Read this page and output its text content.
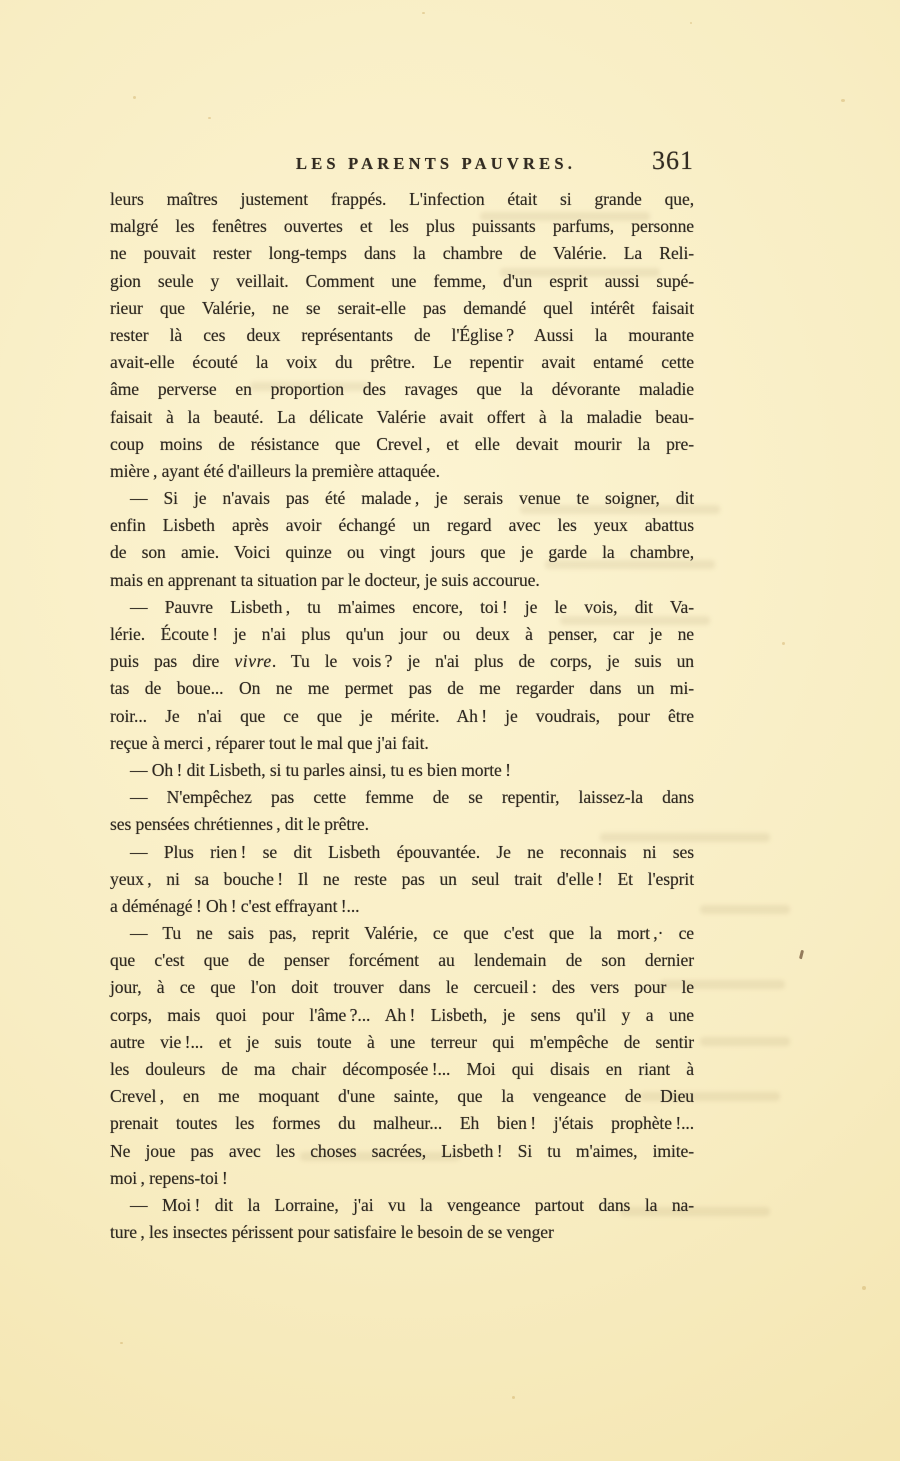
LES PARENTS PAUVRES.	361
leurs maîtres justement frappés. L'infection était si grande que,
malgré les fenêtres ouvertes et les plus puissants parfums, personne
ne pouvait rester long-temps dans la chambre de Valérie. La Reli-
gion seule y veillait. Comment une femme, d'un esprit aussi supé-
rieur que Valérie, ne se serait-elle pas demandé quel intérêt faisait
rester là ces deux représentants de l'Église ? Aussi la mourante
avait-elle écouté la voix du prêtre. Le repentir avait entamé cette
âme perverse en proportion des ravages que la dévorante maladie
faisait à la beauté. La délicate Valérie avait offert à la maladie beau-
coup moins de résistance que Crevel , et elle devait mourir la pre-
mière , ayant été d'ailleurs la première attaquée.
— Si je n'avais pas été malade , je serais venue te soigner, dit
enfin Lisbeth après avoir échangé un regard avec les yeux abattus
de son amie. Voici quinze ou vingt jours que je garde la chambre,
mais en apprenant ta situation par le docteur, je suis accourue.
— Pauvre Lisbeth , tu m'aimes encore, toi ! je le vois, dit Va-
lérie. Écoute ! je n'ai plus qu'un jour ou deux à penser, car je ne
puis pas dire vivre. Tu le vois ? je n'ai plus de corps, je suis un
tas de boue... On ne me permet pas de me regarder dans un mi-
roir... Je n'ai que ce que je mérite. Ah ! je voudrais, pour être
reçue à merci , réparer tout le mal que j'ai fait.
— Oh ! dit Lisbeth, si tu parles ainsi, tu es bien morte !
— N'empêchez pas cette femme de se repentir, laissez-la dans
ses pensées chrétiennes , dit le prêtre.
— Plus rien ! se dit Lisbeth épouvantée. Je ne reconnais ni ses
yeux , ni sa bouche ! Il ne reste pas un seul trait d'elle ! Et l'esprit
a déménagé ! Oh ! c'est effrayant !...
— Tu ne sais pas, reprit Valérie, ce que c'est que la mort ,· ce
que c'est que de penser forcément au lendemain de son dernier
jour, à ce que l'on doit trouver dans le cercueil : des vers pour le
corps, mais quoi pour l'âme ?... Ah ! Lisbeth, je sens qu'il y a une
autre vie !... et je suis toute à une terreur qui m'empêche de sentir
les douleurs de ma chair décomposée !... Moi qui disais en riant à
Crevel , en me moquant d'une sainte, que la vengeance de Dieu
prenait toutes les formes du malheur... Eh bien ! j'étais prophète !...
Ne joue pas avec les choses sacrées, Lisbeth ! Si tu m'aimes, imite-
moi , repens-toi !
— Moi ! dit la Lorraine, j'ai vu la vengeance partout dans la na-
ture , les insectes périssent pour satisfaire le besoin de se venger
